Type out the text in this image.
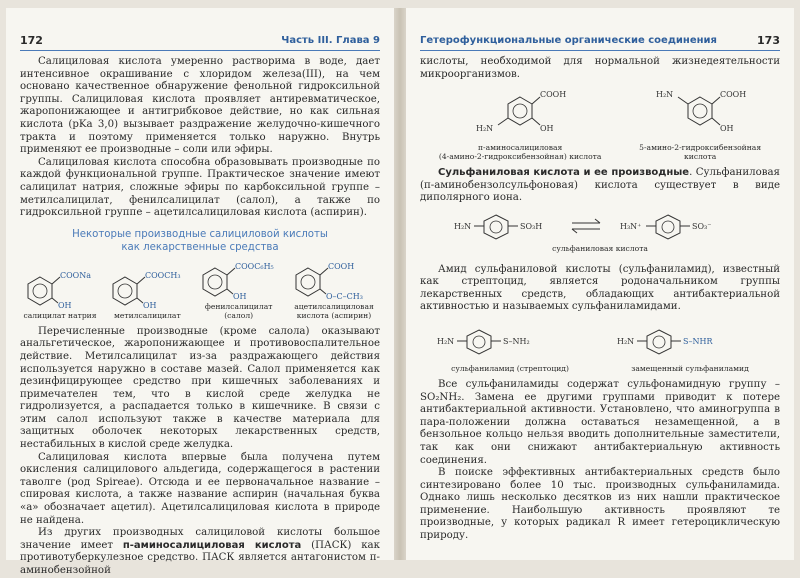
172	Часть III. Глава 9

Салициловая кислота умеренно растворима в воде, дает интенсивное окрашивание с хлоридом железа(III), на чем основано качественное обнаружение фенольной гидроксильной группы. Салициловая кислота проявляет антиревматическое, жаропонижающее и антигрибковое действие, но как сильная кислота (pKa 3,0) вызывает раздражение желудочно-кишечного тракта и поэтому применяется только наружно. Внутрь применяют ее производные – соли или эфиры.

Салициловая кислота способна образовывать производные по каждой функциональной группе. Практическое значение имеют салицилат натрия, сложные эфиры по карбоксильной группе – метилсалицилат, фенилсалицилат (салол), а также по гидроксильной группе – ацетилсалициловая кислота (аспирин).

Некоторые производные салициловой кислоты
как лекарственные средства
COONa
OH
салицилат натрия
COOCH₃
OH
метилсалицилат
COOC₆H₅
OH
фенилсалицилат
(салол)
COOH
O–C–CH₃
ацетилсалициловая
кислота (аспирин)

Перечисленные производные (кроме салола) оказывают анальгетическое, жаропонижающее и противовоспалительное действие. Метилсалицилат из-за раздражающего действия используется наружно в составе мазей. Салол применяется как дезинфицирующее средство при кишечных заболеваниях и примечателен тем, что в кислой среде желудка не гидролизуется, а распадается только в кишечнике. В связи с этим салол используют также в качестве материала для защитных оболочек некоторых лекарственных средств, нестабильных в кислой среде желудка.

Салициловая кислота впервые была получена путем окисления салицилового альдегида, содержащегося в растении таволге (род Spireae). Отсюда и ее первоначальное название – спировая кислота, а также название аспирин (начальная буква «а» обозначает ацетил). Ацетилсалициловая кислота в природе не найдена.

Из других производных салициловой кислоты большое значение имеет п-аминосалициловая кислота (ПАСК) как противотуберкулезное средство. ПАСК является антагонистом п-аминобензойной

Гетерофункциональные органические соединения	173

кислоты, необходимой для нормальной жизнедеятельности микроорганизмов.

COOH
OH
H₂N
п-аминосалициловая
(4-амино-2-гидроксибензойная) кислота
COOH
OH
H₂N
5-амино-2-гидроксибензойная
кислота

Сульфаниловая кислота и ее производные. Сульфаниловая (п-аминобензолсульфоновая) кислота существует в виде диполярного иона.

H₂N	SO₃H	H₃N⁺	SO₃⁻
сульфаниловая кислота

Амид сульфаниловой кислоты (сульфаниламид), известный как стрептоцид, является родоначальником группы лекарственных средств, обладающих антибактериальной активностью и называемых сульфаниламидами.

H₂N	S–NH₂
сульфаниламид (стрептоцид)
H₂N	S–NHR
замещенный сульфаниламид

Все сульфаниламиды содержат сульфонамидную группу –SO₂NH₂. Замена ее другими группами приводит к потере антибактериальной активности. Установлено, что аминогруппа в пара-положении должна оставаться незамещенной, а в бензольное кольцо нельзя вводить дополнительные заместители, так как они снижают антибактериальную активность соединения.

В поиске эффективных антибактериальных средств было синтезировано более 10 тыс. производных сульфаниламида. Однако лишь несколько десятков из них нашли практическое применение. Наибольшую активность проявляют те производные, у которых радикал R имеет гетероциклическую природу.
